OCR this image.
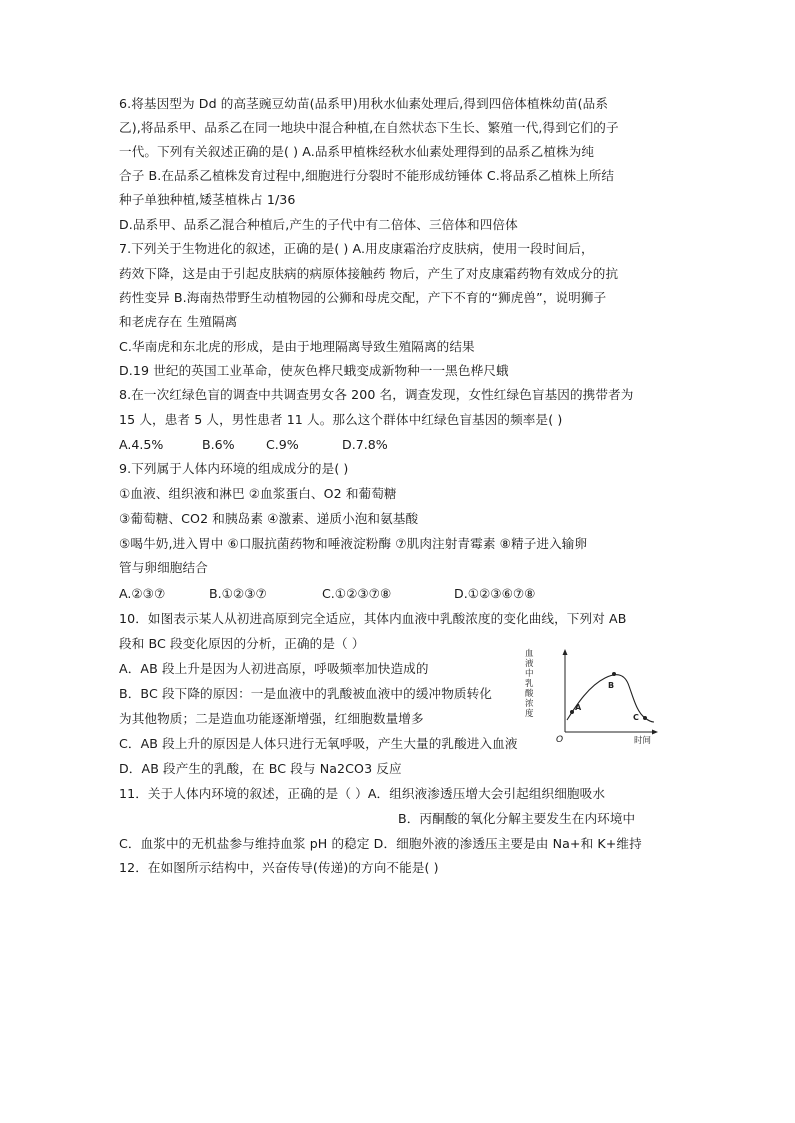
6.将基因型为 Dd 的高茎豌豆幼苗(品系甲)用秋水仙素处理后,得到四倍体植株幼苗(品系
乙),将品系甲、品系乙在同一地块中混合种植,在自然状态下生长、繁殖一代,得到它们的子
一代。下列有关叙述正确的是( ) A.品系甲植株经秋水仙素处理得到的品系乙植株为纯
合子 B.在品系乙植株发育过程中,细胞进行分裂时不能形成纺锤体 C.将品系乙植株上所结
种子单独种植,矮茎植株占 1/36
D.品系甲、品系乙混合种植后,产生的子代中有二倍体、三倍体和四倍体
7.下列关于生物进化的叙述，正确的是( ) A.用皮康霜治疗皮肤病，使用一段时间后，
药效下降，这是由于引起皮肤病的病原体接触药 物后，产生了对皮康霜药物有效成分的抗
药性变异 B.海南热带野生动植物园的公狮和母虎交配，产下不育的“狮虎兽”，说明狮子
和老虎存在 生殖隔离
C.华南虎和东北虎的形成，是由于地理隔离导致生殖隔离的结果
D.19 世纪的英国工业革命，使灰色桦尺蛾变成新物种一一黑色桦尺蛾
8.在一次红绿色盲的调查中共调查男女各 200 名，调查发现，女性红绿色盲基因的携带者为
15 人，患者 5 人，男性患者 11 人。那么这个群体中红绿色盲基因的频率是( )
A.4.5%	B.6% C.9%	D.7.8%
9.下列属于人体内环境的组成成分的是( )
①血液、组织液和淋巴 ②血浆蛋白、O2 和葡萄糖
③葡萄糖、CO2 和胰岛素 ④激素、递质小泡和氨基酸
⑤喝牛奶,进入胃中 ⑥口服抗菌药物和唾液淀粉酶 ⑦肌肉注射青霉素 ⑧精子进入输卵
管与卵细胞结合
A.②③⑦	B.①②③⑦	C.①②③⑦⑧	D.①②③⑥⑦⑧
10．如图表示某人从初进高原到完全适应，其体内血液中乳酸浓度的变化曲线，下列对 AB
段和 BC 段变化原因的分析，正确的是（ ）
A．AB 段上升是因为人初进高原，呼吸频率加快造成的
B．BC 段下降的原因：一是血液中的乳酸被血液中的缓冲物质转化
为其他物质；二是造血功能逐渐增强，红细胞数量增多
C．AB 段上升的原因是人体只进行无氧呼吸，产生大量的乳酸进入血液
D．AB 段产生的乳酸，在 BC 段与 Na2CO3 反应
血
液
中
乳
酸
浓
度
O	时间
A
B
C
11．关于人体内环境的叙述，正确的是（ ）A．组织液渗透压增大会引起组织细胞吸水
B．丙酮酸的氧化分解主要发生在内环境中
C．血浆中的无机盐参与维持血浆 pH 的稳定 D．细胞外液的渗透压主要是由 Na+和 K+维持
12．在如图所示结构中，兴奋传导(传递)的方向不能是( )
